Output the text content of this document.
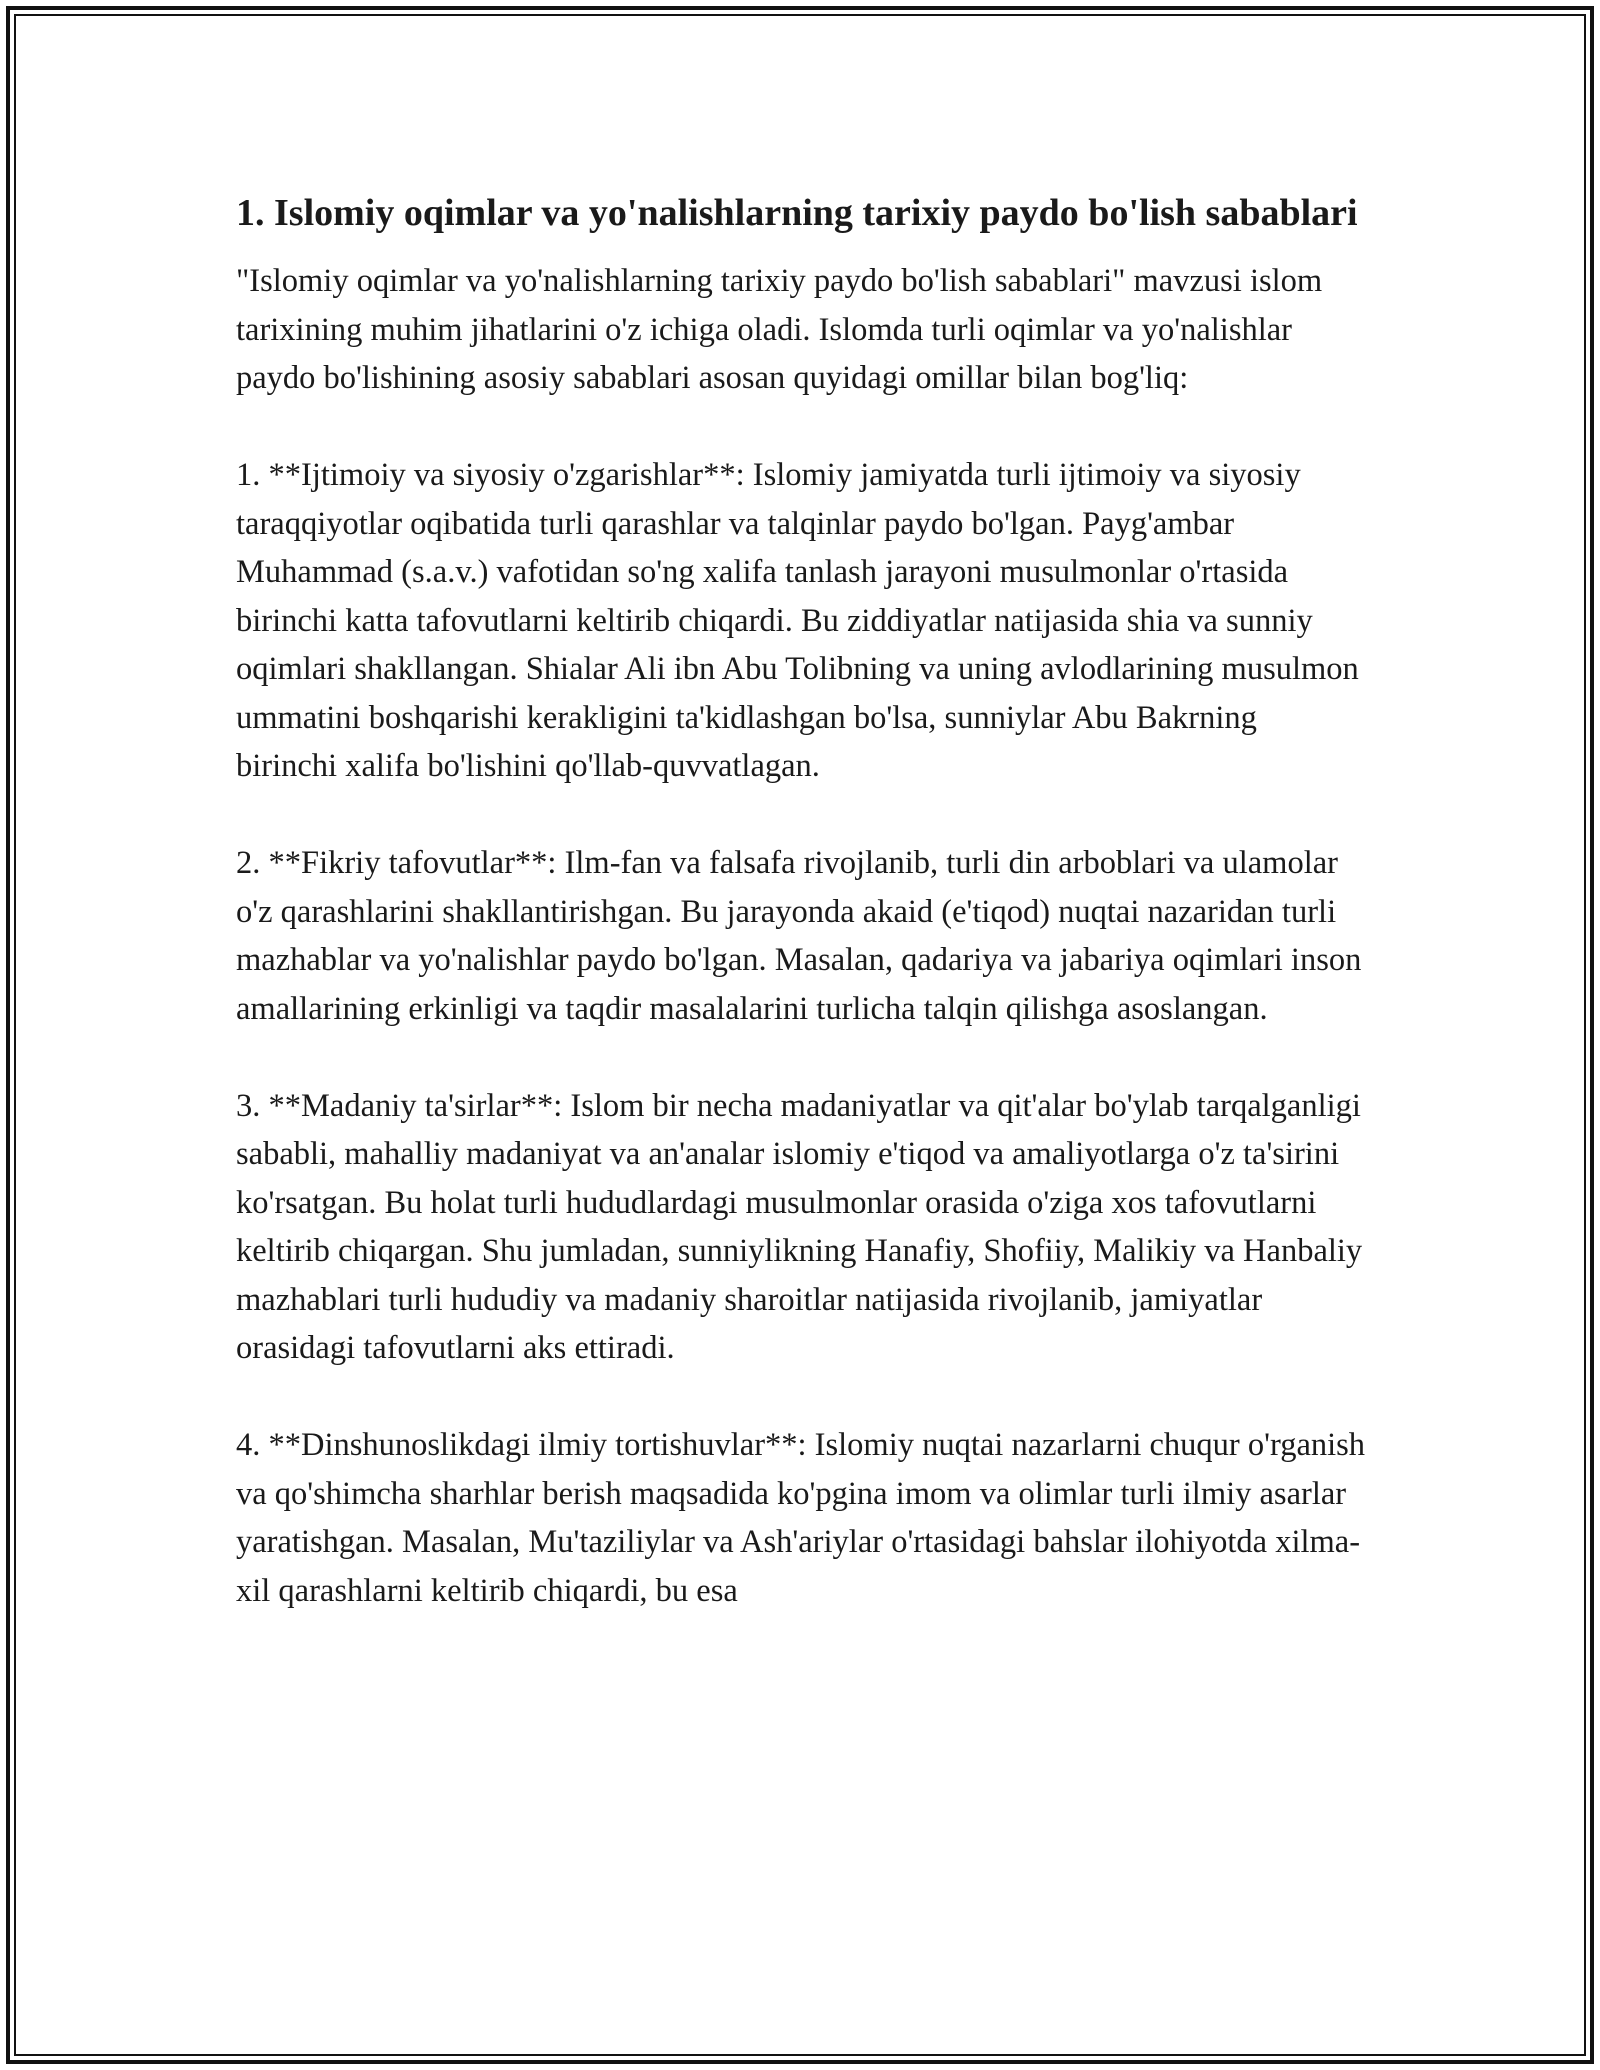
1. Islomiy oqimlar va yo'nalishlarning tarixiy paydo bo'lish sabablari

"Islomiy oqimlar va yo'nalishlarning tarixiy paydo bo'lish sabablari" mavzusi islom tarixining muhim jihatlarini o'z ichiga oladi. Islomda turli oqimlar va yo'nalishlar paydo bo'lishining asosiy sabablari asosan quyidagi omillar bilan bog'liq:

1. **Ijtimoiy va siyosiy o'zgarishlar**: Islomiy jamiyatda turli ijtimoiy va siyosiy taraqqiyotlar oqibatida turli qarashlar va talqinlar paydo bo'lgan. Payg'ambar Muhammad (s.a.v.) vafotidan so'ng xalifa tanlash jarayoni musulmonlar o'rtasida birinchi katta tafovutlarni keltirib chiqardi. Bu ziddiyatlar natijasida shia va sunniy oqimlari shakllangan. Shialar Ali ibn Abu Tolibning va uning avlodlarining musulmon ummatini boshqarishi kerakligini ta'kidlashgan bo'lsa, sunniylar Abu Bakrning birinchi xalifa bo'lishini qo'llab-quvvatlagan.

2. **Fikriy tafovutlar**: Ilm-fan va falsafa rivojlanib, turli din arboblari va ulamolar o'z qarashlarini shakllantirishgan. Bu jarayonda akaid (e'tiqod) nuqtai nazaridan turli mazhablar va yo'nalishlar paydo bo'lgan. Masalan, qadariya va jabariya oqimlari inson amallarining erkinligi va taqdir masalalarini turlicha talqin qilishga asoslangan.

3. **Madaniy ta'sirlar**: Islom bir necha madaniyatlar va qit'alar bo'ylab tarqalganligi sababli, mahalliy madaniyat va an'analar islomiy e'tiqod va amaliyotlarga o'z ta'sirini ko'rsatgan. Bu holat turli hududlardagi musulmonlar orasida o'ziga xos tafovutlarni keltirib chiqargan. Shu jumladan, sunniylikning Hanafiy, Shofiiy, Malikiy va Hanbaliy mazhablari turli hududiy va madaniy sharoitlar natijasida rivojlanib, jamiyatlar orasidagi tafovutlarni aks ettiradi.

4. **Dinshunoslikdagi ilmiy tortishuvlar**: Islomiy nuqtai nazarlarni chuqur o'rganish va qo'shimcha sharhlar berish maqsadida ko'pgina imom va olimlar turli ilmiy asarlar yaratishgan. Masalan, Mu'taziliylar va Ash'ariylar o'rtasidagi bahslar ilohiyotda xilma-xil qarashlarni keltirib chiqardi, bu esa
